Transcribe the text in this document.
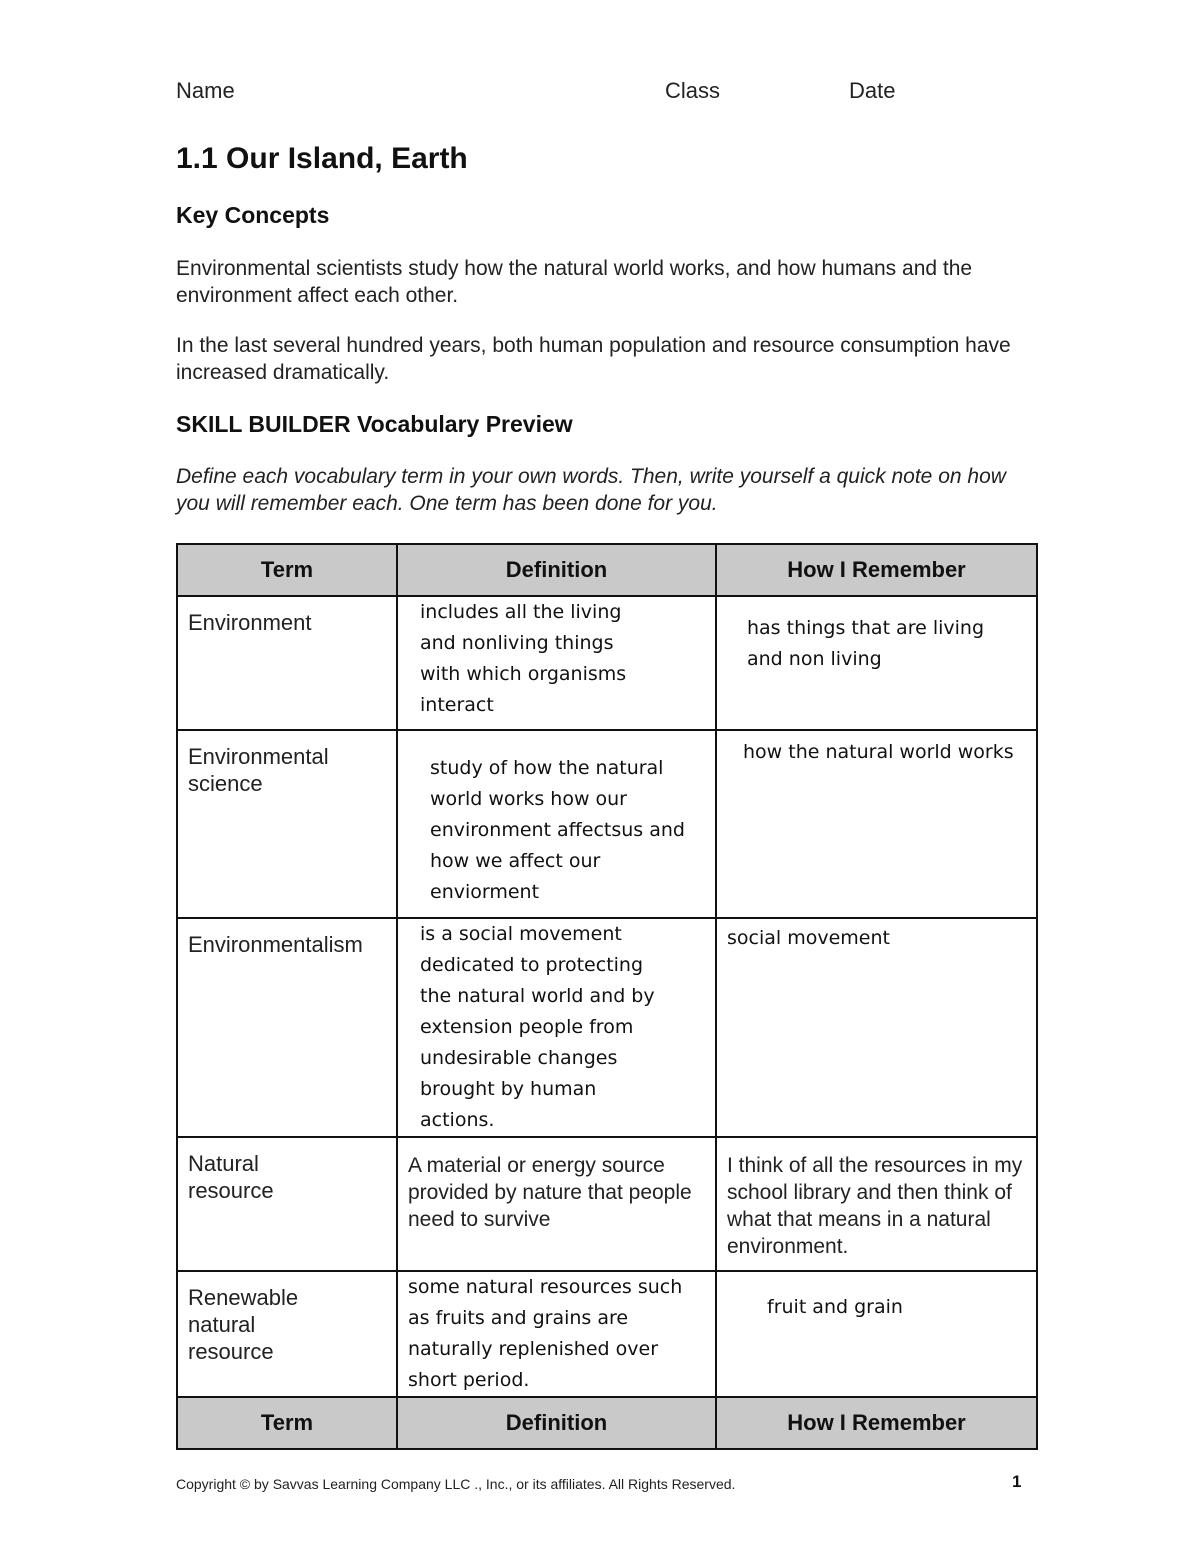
Name	Class	Date
1.1 Our Island, Earth
Key Concepts

Environmental scientists study how the natural world works, and how humans and the environment affect each other.

In the last several hundred years, both human population and resource consumption have increased dramatically.

SKILL BUILDER Vocabulary Preview

Define each vocabulary term in your own words. Then, write yourself a quick note on how you will remember each. One term has been done for you.

Term	Definition	How I Remember

Environment	includes all the living and nonliving things with which organisms interact	has things that are living and non living

Environmental science	study of how the natural world works how our environment affectsus and how we affect our enviorment	how the natural world works

Environmentalism	is a social movement dedicated to protecting the natural world and by extension people from undesirable changes brought by human actions.	social movement

Natural resource	A material or energy source provided by nature that people need to survive	I think of all the resources in my school library and then think of what that means in a natural environment.

Renewable natural resource	some natural resources such as fruits and grains are naturally replenished over short period.	fruit and grain

Term	Definition	How I Remember
Copyright © by Savvas Learning Company LLC ., Inc., or its affiliates. All Rights Reserved.	1
